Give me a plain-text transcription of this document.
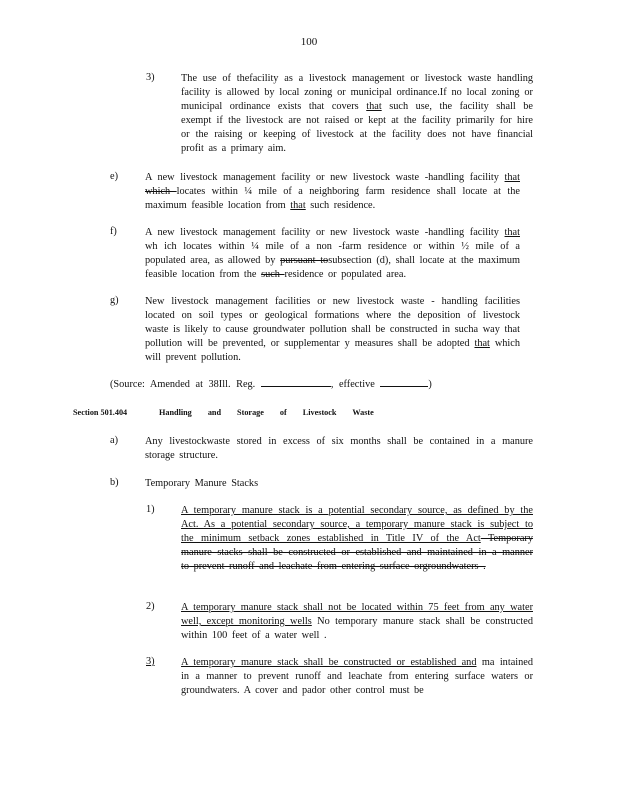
100
3)	The use of thefacility as a livestock management or livestock waste handling facility is allowed by local zoning or municipal ordinance.If no local zoning or municipal ordinance exists that covers that such use, the facility shall be exempt if the livestock are not raised or kept at the facility primarily for hire or the raising or keeping of livestock at the facility does not have financial profit as a primary aim.
e)	A new livestock management facility or new livestock waste -handling facility that which locates within ¼ mile of a neighboring farm residence shall locate at the maximum feasible location from that such residence.
f)	A new livestock management facility or new livestock waste -handling facility that wh ich locates within ¼ mile of a non -farm residence or within ½ mile of a populated area, as allowed by pursuant tosubsection (d), shall locate at the maximum feasible location from the such residence or populated area.
g)	New livestock management facilities or new livestock waste - handling facilities located on soil types or geological formations where the deposition of livestock waste is likely to cause groundwater pollution shall be constructed in sucha way that pollution will be prevented, or supplementar y measures shall be adopted that which will prevent pollution.
(Source: Amended at 38Ill. Reg.	, effective	)
Section 501.404	Handling and Storage of Livestock Waste
a)	Any livestockwaste stored in excess of six months shall be contained in a manure storage structure.
b)	Temporary Manure Stacks
1)	A temporary manure stack is a potential secondary source, as defined by the Act. As a potential secondary source, a temporary manure stack is subject to the minimum setback zones established in Title IV of the Act Temporary manure stacks shall be constructed or established and maintained in a manner to prevent runoff and leachate from entering surface orgroundwaters .
2)	A temporary manure stack shall not be located within 75 feet from any water well, except monitoring wells No temporary manure stack shall be constructed within 100 feet of a water well .
3)	A temporary manure stack shall be constructed or established and ma intained in a manner to prevent runoff and leachate from entering surface waters or groundwaters. A cover and pador other control must be
